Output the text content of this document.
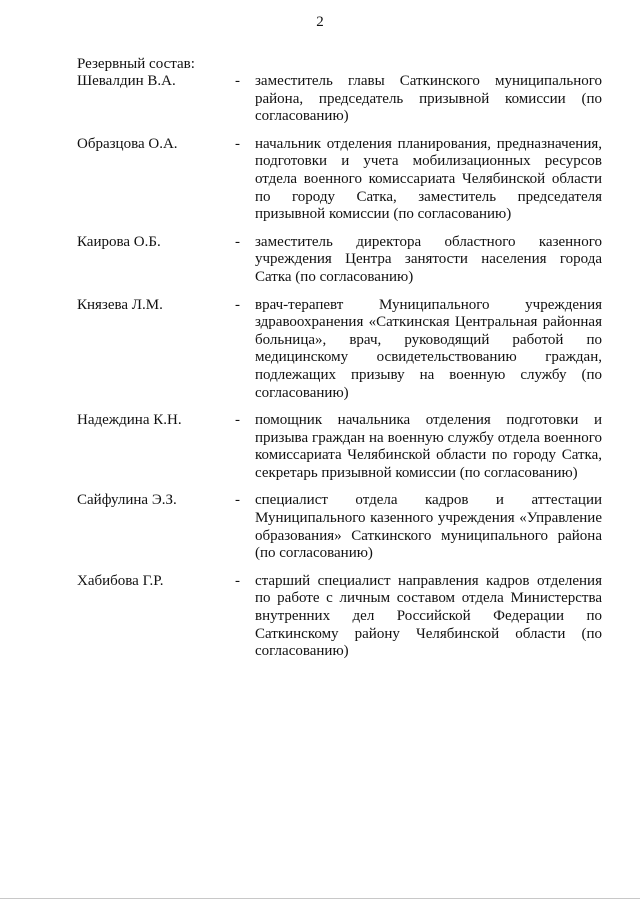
2
Резервный состав:
Шевалдин В.А.	-	заместитель главы Саткинского муниципального района, председатель призывной комиссии (по согласованию)
Образцова О.А.	-	начальник отделения планирования, предназначения, подготовки и учета мобилизационных ресурсов отдела военного комиссариата Челябинской области по городу Сатка, заместитель председателя призывной комиссии (по согласованию)
Каирова О.Б.	-	заместитель директора областного казенного учреждения Центра занятости населения города Сатка (по согласованию)
Князева Л.М.	-	врач-терапевт Муниципального учреждения здравоохранения «Саткинская Центральная районная больница», врач, руководящий работой по медицинскому освидетельствованию граждан, подлежащих призыву на военную службу (по согласованию)
Надеждина К.Н.	-	помощник начальника отделения подготовки и призыва граждан на военную службу отдела военного комиссариата Челябинской области по городу Сатка, секретарь призывной комиссии (по согласованию)
Сайфулина Э.З.	-	специалист отдела кадров и аттестации Муниципального казенного учреждения «Управление образования» Саткинского муниципального района (по согласованию)
Хабибова Г.Р.	-	старший специалист направления кадров отделения по работе с личным составом отдела Министерства внутренних дел Российской Федерации по Саткинскому району Челябинской области (по согласованию)
